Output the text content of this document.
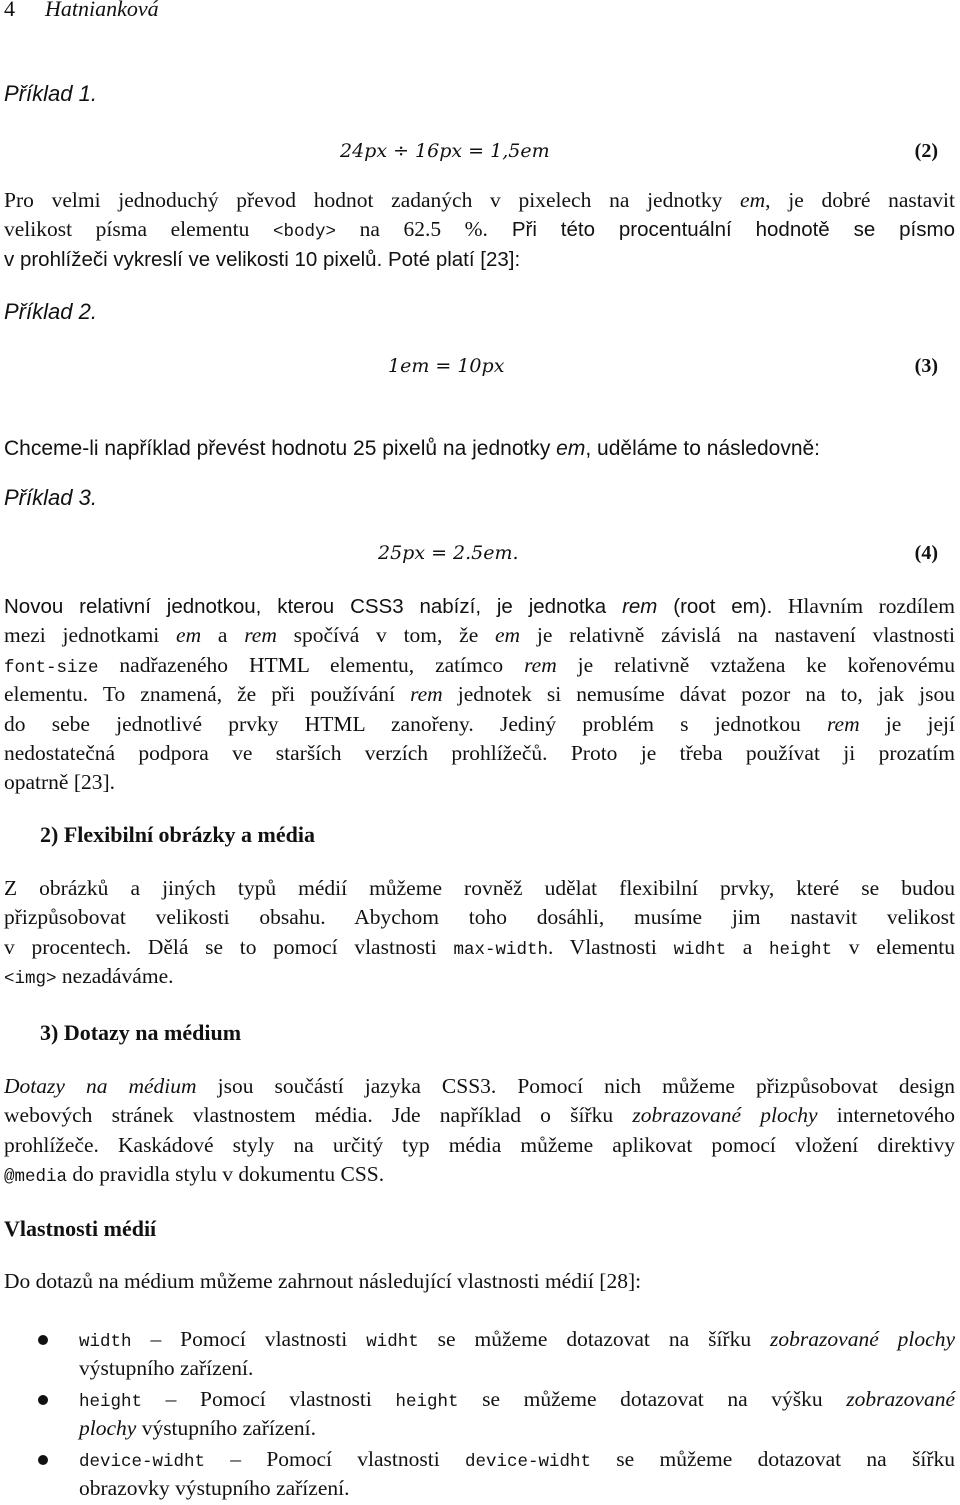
4 Hatnianková
Příklad 1.
24px ÷ 16px = 1,5em	(2)
Pro velmi jednoduchý převod hodnot zadaných v pixelech na jednotky em, je dobré nastavit
velikost písma elementu <body> na 62.5 %. Při této procentuální hodnotě se písmo
v prohlížeči vykreslí ve velikosti 10 pixelů. Poté platí [23]:
Příklad 2.
1em = 10px	(3)
Chceme-li například převést hodnotu 25 pixelů na jednotky em, uděláme to následovně:
Příklad 3.
25px = 2.5em.	(4)
Novou relativní jednotkou, kterou CSS3 nabízí, je jednotka rem (root em). Hlavním rozdílem
mezi jednotkami em a rem spočívá v tom, že em je relativně závislá na nastavení vlastnosti
font-size nadřazeného HTML elementu, zatímco rem je relativně vztažena ke kořenovému
elementu. To znamená, že při používání rem jednotek si nemusíme dávat pozor na to, jak jsou
do sebe jednotlivé prvky HTML zanořeny. Jediný problém s jednotkou rem je její
nedostatečná podpora ve starších verzích prohlížečů. Proto je třeba používat ji prozatím
opatrně [23].
2) Flexibilní obrázky a média
Z obrázků a jiných typů médií můžeme rovněž udělat flexibilní prvky, které se budou
přizpůsobovat velikosti obsahu. Abychom toho dosáhli, musíme jim nastavit velikost
v procentech. Dělá se to pomocí vlastnosti max-width. Vlastnosti widht a height v elementu
<img> nezadáváme.
3) Dotazy na médium
Dotazy na médium jsou součástí jazyka CSS3. Pomocí nich můžeme přizpůsobovat design
webových stránek vlastnostem média. Jde například o šířku zobrazované plochy internetového
prohlížeče. Kaskádové styly na určitý typ média můžeme aplikovat pomocí vložení direktivy
@media do pravidla stylu v dokumentu CSS.
Vlastnosti médií
Do dotazů na médium můžeme zahrnout následující vlastnosti médií [28]:
width – Pomocí vlastnosti widht se můžeme dotazovat na šířku zobrazované plochy
výstupního zařízení.
height – Pomocí vlastnosti height se můžeme dotazovat na výšku zobrazované
plochy výstupního zařízení.
device-widht – Pomocí vlastnosti device-widht se můžeme dotazovat na šířku
obrazovky výstupního zařízení.
